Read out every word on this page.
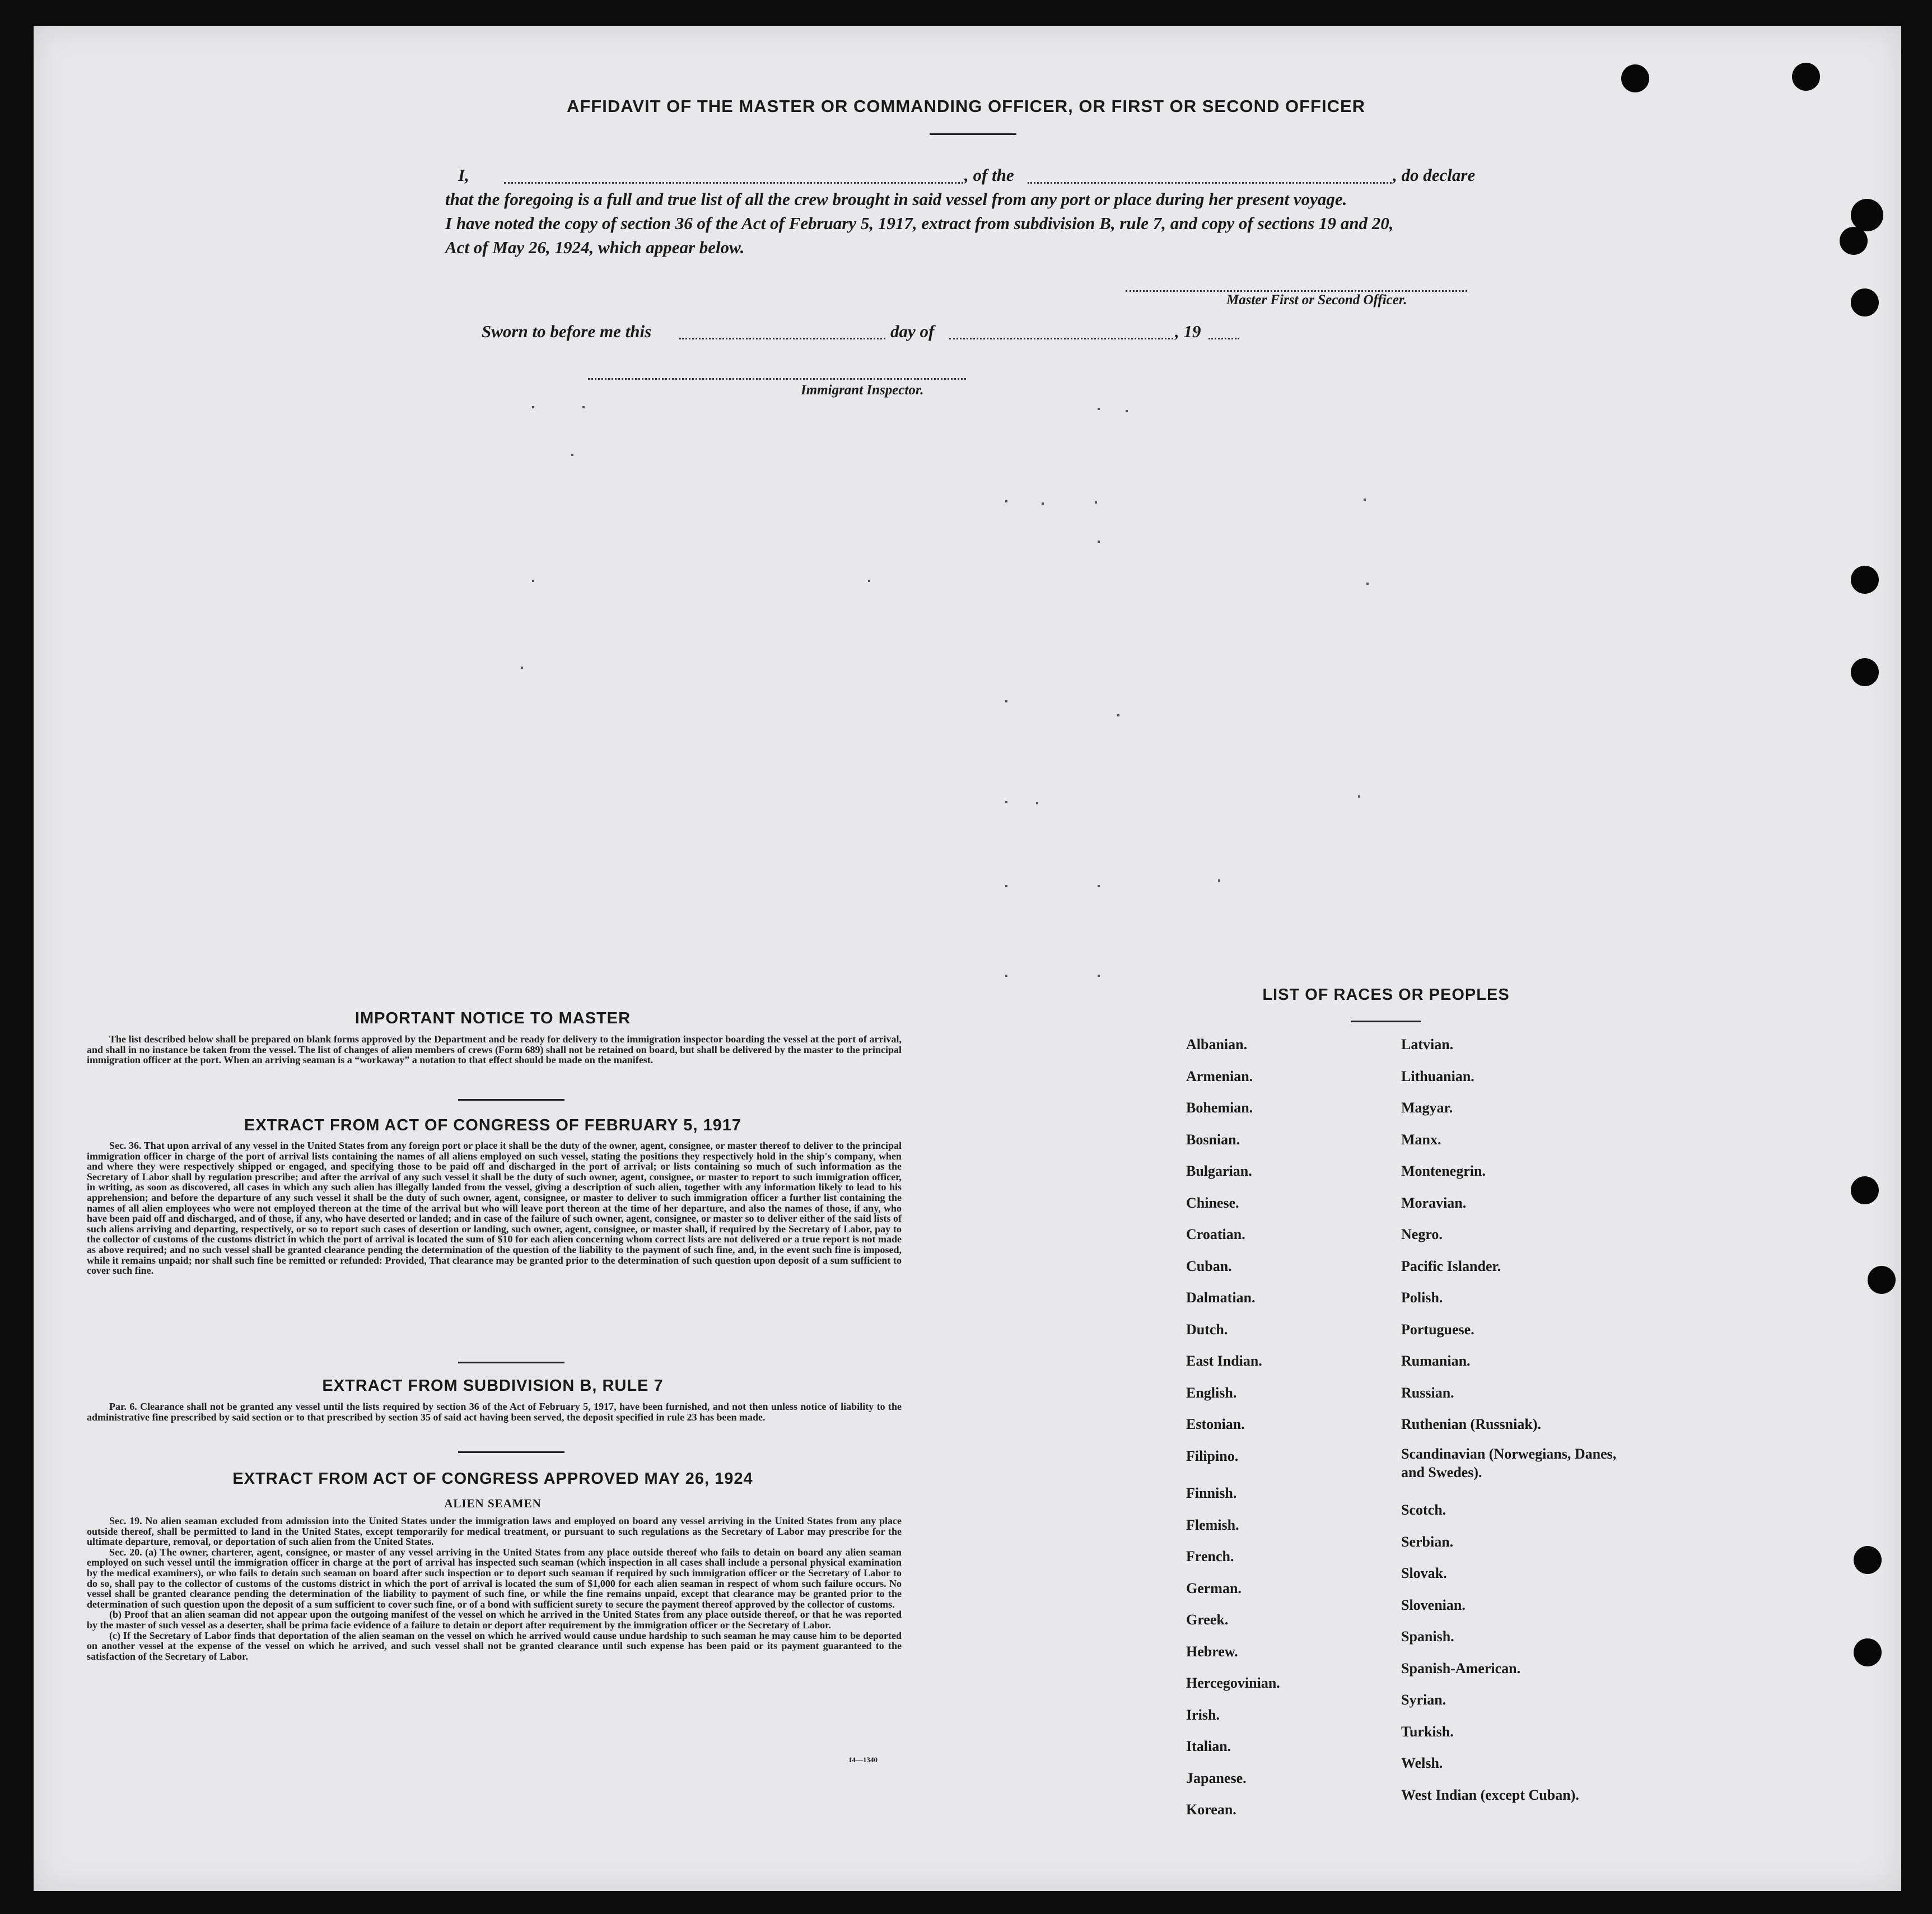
AFFIDAVIT OF THE MASTER OR COMMANDING OFFICER, OR FIRST OR SECOND OFFICER
I,	, of the	, do declare
that the foregoing is a full and true list of all the crew brought in said vessel from any port or place during her present voyage.
I have noted the copy of section 36 of the Act of February 5, 1917, extract from subdivision B, rule 7, and copy of sections 19 and 20,
Act of May 26, 1924, which appear below.
Master First or Second Officer.
Sworn to before me this	day of	, 19
Immigrant Inspector.
IMPORTANT NOTICE TO MASTER

The list described below shall be prepared on blank forms approved by the Department and be ready for delivery to the immigration inspector boarding the vessel at the port of arrival, and shall in no instance be taken from the vessel. The list of changes of alien members of crews (Form 689) shall not be retained on board, but shall be delivered by the master to the principal immigration officer at the port. When an arriving seaman is a “workaway” a notation to that effect should be made on the manifest.

EXTRACT FROM ACT OF CONGRESS OF FEBRUARY 5, 1917

Sec. 36. That upon arrival of any vessel in the United States from any foreign port or place it shall be the duty of the owner, agent, consignee, or master thereof to deliver to the principal immigration officer in charge of the port of arrival lists containing the names of all aliens employed on such vessel, stating the positions they respectively hold in the ship's company, when and where they were respectively shipped or engaged, and specifying those to be paid off and discharged in the port of arrival; or lists containing so much of such information as the Secretary of Labor shall by regulation prescribe; and after the arrival of any such vessel it shall be the duty of such owner, agent, consignee, or master to report to such immigration officer, in writing, as soon as discovered, all cases in which any such alien has illegally landed from the vessel, giving a description of such alien, together with any information likely to lead to his apprehension; and before the departure of any such vessel it shall be the duty of such owner, agent, consignee, or master to deliver to such immigration officer a further list containing the names of all alien employees who were not employed thereon at the time of the arrival but who will leave port thereon at the time of her departure, and also the names of those, if any, who have been paid off and discharged, and of those, if any, who have deserted or landed; and in case of the failure of such owner, agent, consignee, or master so to deliver either of the said lists of such aliens arriving and departing, respectively, or so to report such cases of desertion or landing, such owner, agent, consignee, or master shall, if required by the Secretary of Labor, pay to the collector of customs of the customs district in which the port of arrival is located the sum of $10 for each alien concerning whom correct lists are not delivered or a true report is not made as above required; and no such vessel shall be granted clearance pending the determination of the question of the liability to the payment of such fine, and, in the event such fine is imposed, while it remains unpaid; nor shall such fine be remitted or refunded: Provided, That clearance may be granted prior to the determination of such question upon deposit of a sum sufficient to cover such fine.

EXTRACT FROM SUBDIVISION B, RULE 7

Par. 6. Clearance shall not be granted any vessel until the lists required by section 36 of the Act of February 5, 1917, have been furnished, and not then unless notice of liability to the administrative fine prescribed by said section or to that prescribed by section 35 of said act having been served, the deposit specified in rule 23 has been made.

EXTRACT FROM ACT OF CONGRESS APPROVED MAY 26, 1924
ALIEN SEAMEN

Sec. 19. No alien seaman excluded from admission into the United States under the immigration laws and employed on board any vessel arriving in the United States from any place outside thereof, shall be permitted to land in the United States, except temporarily for medical treatment, or pursuant to such regulations as the Secretary of Labor may prescribe for the ultimate departure, removal, or deportation of such alien from the United States.

Sec. 20. (a) The owner, charterer, agent, consignee, or master of any vessel arriving in the United States from any place outside thereof who fails to detain on board any alien seaman employed on such vessel until the immigration officer in charge at the port of arrival has inspected such seaman (which inspection in all cases shall include a personal physical examination by the medical examiners), or who fails to detain such seaman on board after such inspection or to deport such seaman if required by such immigration officer or the Secretary of Labor to do so, shall pay to the collector of customs of the customs district in which the port of arrival is located the sum of $1,000 for each alien seaman in respect of whom such failure occurs. No vessel shall be granted clearance pending the determination of the liability to payment of such fine, or while the fine remains unpaid, except that clearance may be granted prior to the determination of such question upon the deposit of a sum sufficient to cover such fine, or of a bond with sufficient surety to secure the payment thereof approved by the collector of customs.

(b) Proof that an alien seaman did not appear upon the outgoing manifest of the vessel on which he arrived in the United States from any place outside thereof, or that he was reported by the master of such vessel as a deserter, shall be prima facie evidence of a failure to detain or deport after requirement by the immigration officer or the Secretary of Labor.

(c) If the Secretary of Labor finds that deportation of the alien seaman on the vessel on which he arrived would cause undue hardship to such seaman he may cause him to be deported on another vessel at the expense of the vessel on which he arrived, and such vessel shall not be granted clearance until such expense has been paid or its payment guaranteed to the satisfaction of the Secretary of Labor.

14—1340
LIST OF RACES OR PEOPLES
Albanian.
Armenian.
Bohemian.
Bosnian.
Bulgarian.
Chinese.
Croatian.
Cuban.
Dalmatian.
Dutch.
East Indian.
English.
Estonian.
Filipino.
Finnish.
Flemish.
French.
German.
Greek.
Hebrew.
Hercegovinian.
Irish.
Italian.
Japanese.
Korean.
Latvian.
Lithuanian.
Magyar.
Manx.
Montenegrin.
Moravian.
Negro.
Pacific Islander.
Polish.
Portuguese.
Rumanian.
Russian.
Ruthenian (Russniak).
Scandinavian (Norwegians, Danes, and Swedes).
Scotch.
Serbian.
Slovak.
Slovenian.
Spanish.
Spanish-American.
Syrian.
Turkish.
Welsh.
West Indian (except Cuban).
